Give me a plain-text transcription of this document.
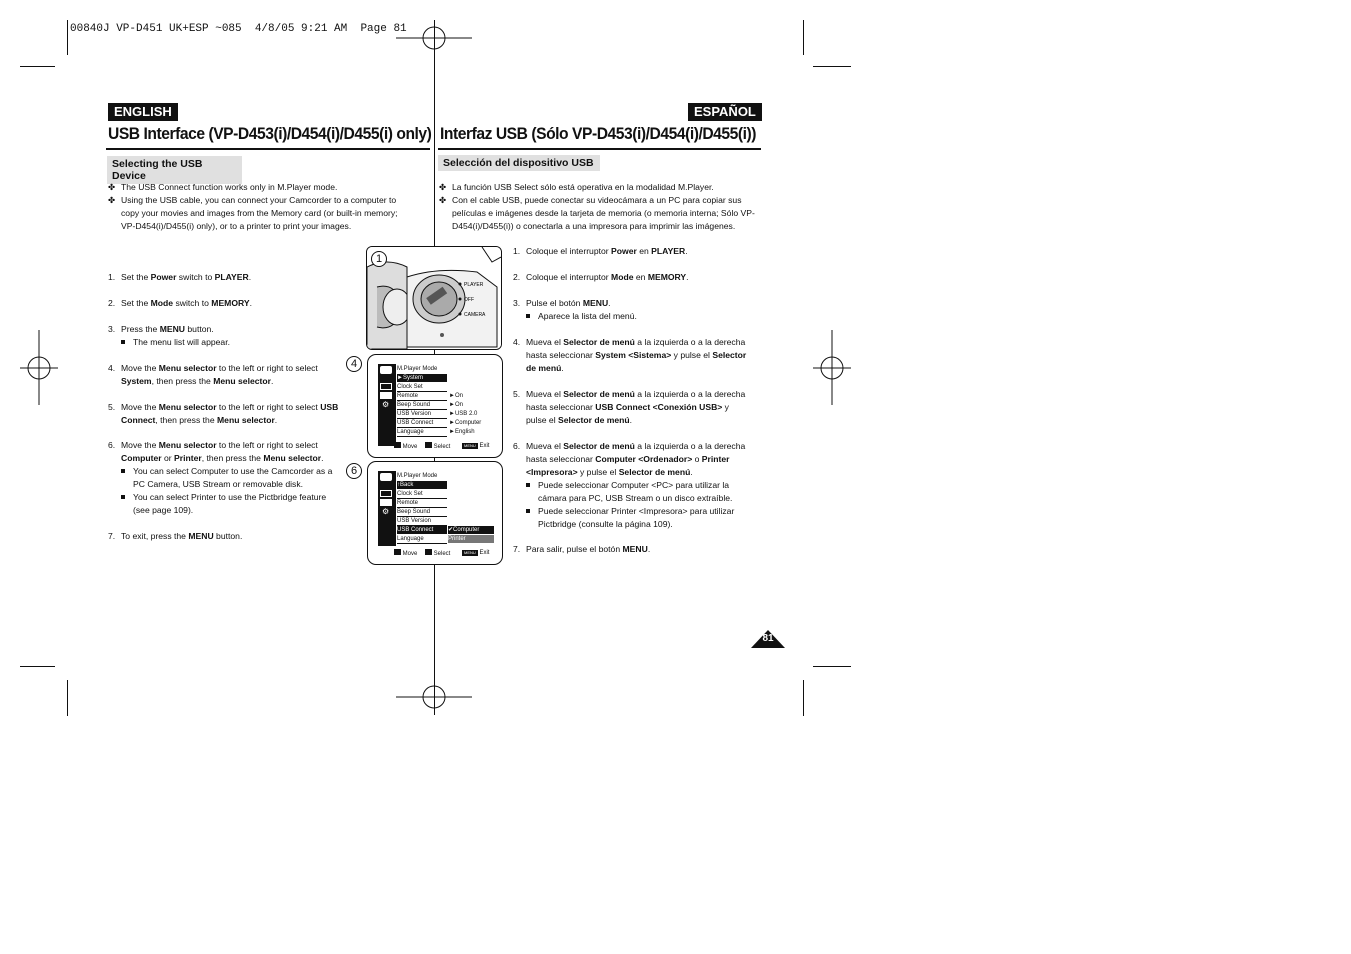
00840J VP-D451 UK+ESP ~085  4/8/05 9:21 AM  Page 81
ENGLISH	ESPAÑOL
USB Interface (VP-D453(i)/D454(i)/D455(i) only) Interfaz USB (Sólo VP-D453(i)/D454(i)/D455(i))
Selecting the USB Device
Selección del dispositivo USB
✤ The USB Connect function works only in M.Player mode.
✤ Using the USB cable, you can connect your Camcorder to a computer to copy your movies and images from the Memory card (or built-in memory; VP-D454(i)/D455(i) only), or to a printer to print your images.
✤ La función USB Select sólo está operativa en la modalidad M.Player.
✤ Con el cable USB, puede conectar su videocámara a un PC para copiar sus películas e imágenes desde la tarjeta de memoria (o memoria interna; Sólo VP-D454(i)/D455(i)) o conectarla a una impresora para imprimir las imágenes.
1. Set the Power switch to PLAYER.
2. Set the Mode switch to MEMORY.
3. Press the MENU button.
The menu list will appear.
4. Move the Menu selector to the left or right to select
System, then press the Menu selector.
5. Move the Menu selector to the left or right to select USB
Connect, then press the Menu selector.
6. Move the Menu selector to the left or right to select
Computer or Printer, then press the Menu selector.
You can select Computer to use the Camcorder as a PC Camera, USB Stream or removable disk.
You can select Printer to use the Pictbridge feature (see page 109).
7. To exit, press the MENU button.
1. Coloque el interruptor Power en PLAYER.
2. Coloque el interruptor Mode en MEMORY.
3. Pulse el botón MENU.
Aparece la lista del menú.
4. Mueva el Selector de menú a la izquierda o a la derecha
hasta seleccionar System <Sistema> y pulse el Selector
de menú.
5. Mueva el Selector de menú a la izquierda o a la derecha
hasta seleccionar USB Connect <Conexión USB> y
pulse el Selector de menú.
6. Mueva el Selector de menú a la izquierda o a la derecha
hasta seleccionar Computer <Ordenador> o Printer
<Impresora> y pulse el Selector de menú.
Puede seleccionar Computer <PC> para utilizar la cámara para PC, USB Stream o un disco extraíble.
Puede seleccionar Printer <Impresora> para utilizar Pictbridge (consulte la página 109).
7. Para salir, pulse el botón MENU.
PLAYER
OFF
CAMERA
1
4
⚙
M.Player Mode
►System
Clock Set
Remote
Beep Sound
USB Version
USB Connect
Language
►On
►On
►USB 2.0
►Computer
►English
Move	Select	MENU Exit
6
⚙
M.Player Mode
↑Back
Clock Set
Remote
Beep Sound
USB Version
USB Connect
Language
✔Computer
Printer
Move	Select	MENU Exit
81
